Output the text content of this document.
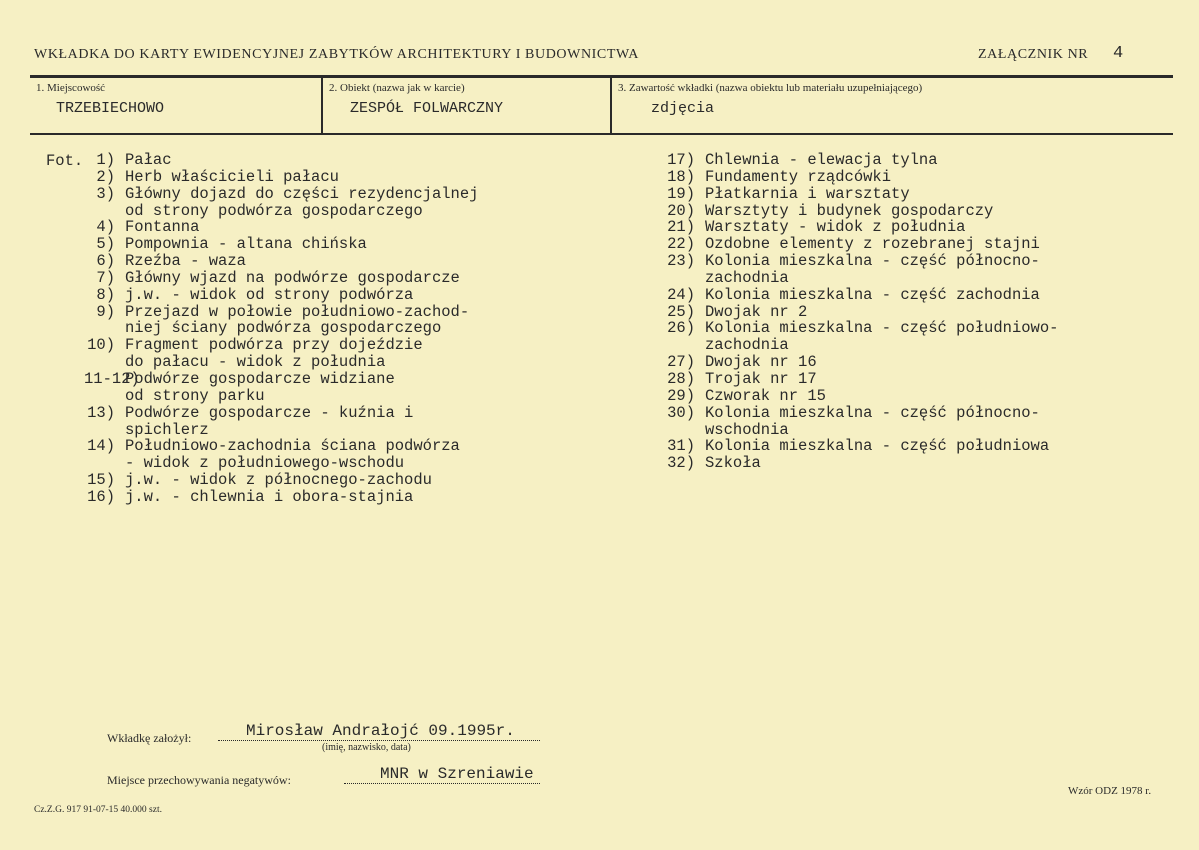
WKŁADKA DO KARTY EWIDENCYJNEJ ZABYTKÓW ARCHITEKTURY I BUDOWNICTWA	ZAŁĄCZNIK NR 4
1. Miejscowość
TRZEBIECHOWO
2. Obiekt (nazwa jak w karcie)
ZESPÓŁ FOLWARCZNY
3. Zawartość wkładki (nazwa obiektu lub materiału uzupełniającego)
zdjęcia
Fot. 1) Pałac
2) Herb właścicieli pałacu
3) Główny dojazd do części rezydencjalnej
od strony podwórza gospodarczego
4) Fontanna
5) Pompownia - altana chińska
6) Rzeźba - waza
7) Główny wjazd na podwórze gospodarcze
8) j.w. - widok od strony podwórza
9) Przejazd w połowie południowo-zachod-
niej ściany podwórza gospodarczego
10) Fragment podwórza przy dojeździe
do pałacu - widok z południa
11-12)
Podwórze gospodarcze widziane
od strony parku
13) Podwórze gospodarcze - kuźnia i
spichlerz
14) Południowo-zachodnia ściana podwórza
- widok z południowego-wschodu
15) j.w. - widok z północnego-zachodu
16) j.w. - chlewnia i obora-stajnia
17) Chlewnia - elewacja tylna
18) Fundamenty rządcówki
19) Płatkarnia i warsztaty
20) Warsztyty i budynek gospodarczy
21) Warsztaty - widok z południa
22) Ozdobne elementy z rozebranej stajni
23) Kolonia mieszkalna - część północno-
zachodnia
24) Kolonia mieszkalna - część zachodnia
25) Dwojak nr 2
26) Kolonia mieszkalna - część południowo-
zachodnia
27) Dwojak nr 16
28) Trojak nr 17
29) Czworak nr 15
30) Kolonia mieszkalna - część północno-
wschodnia
31) Kolonia mieszkalna - część południowa
32) Szkoła
Wkładkę założył:	Mirosław Andrałojć 09.1995r.
(imię, nazwisko, data)
Miejsce przechowywania negatywów:	MNR w Szreniawie
Wzór ODZ 1978 r.
Cz.Z.G. 917 91-07-15 40.000 szt.
